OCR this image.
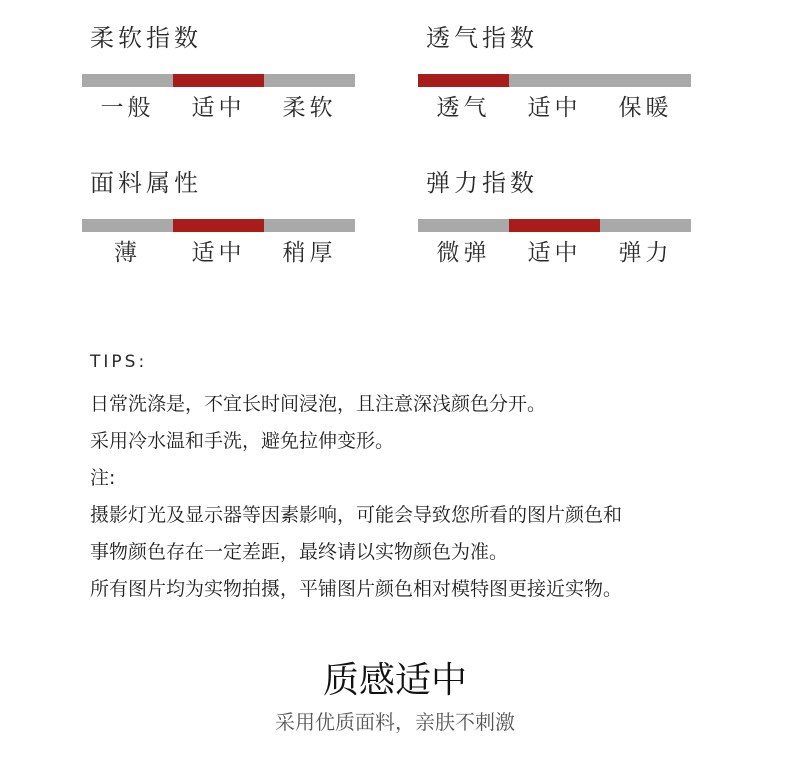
柔软指数
一般	适中	柔软
透气指数
透气	适中	保暖
面料属性
薄	适中	稍厚
弹力指数
微弹	适中	弹力
TIPS:
日常洗涤是，不宜长时间浸泡，且注意深浅颜色分开。
采用冷水温和手洗，避免拉伸变形。
注:
摄影灯光及显示器等因素影响，可能会导致您所看的图片颜色和
事物颜色存在一定差距，最终请以实物颜色为准。
所有图片均为实物拍摄，平铺图片颜色相对模特图更接近实物。
质感适中
采用优质面料，亲肤不刺激
